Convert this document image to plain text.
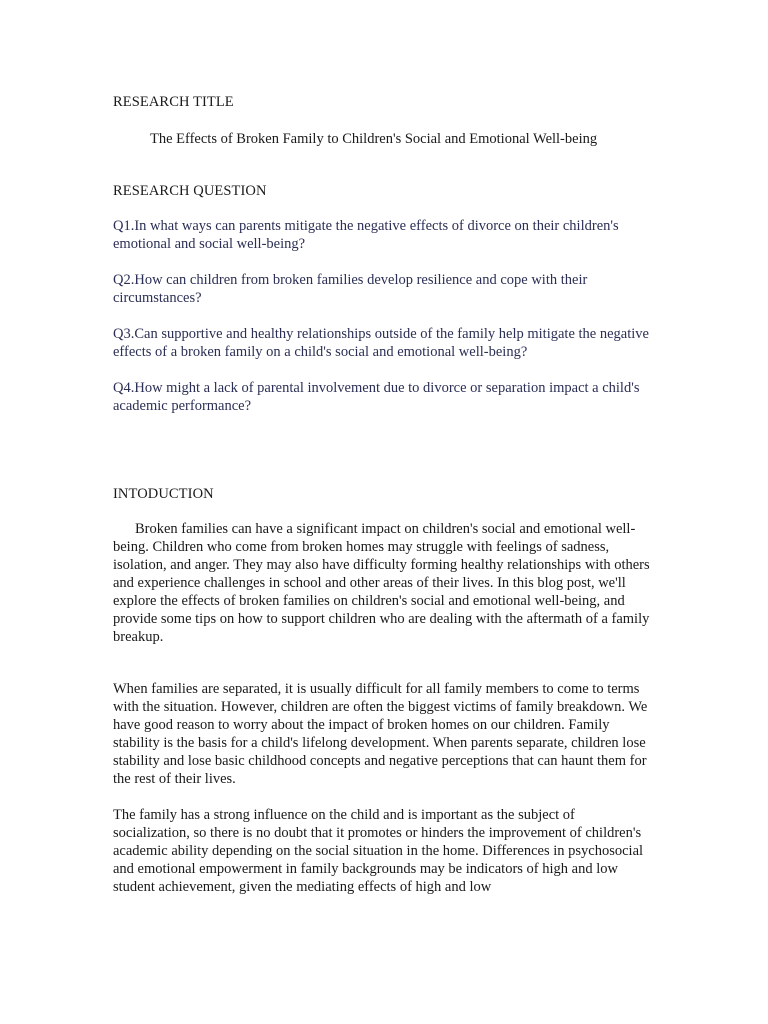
RESEARCH TITLE

The Effects of Broken Family to Children's Social and Emotional Well-being

RESEARCH QUESTION

Q1.In what ways can parents mitigate the negative effects of divorce on their children's emotional and social well-being?

Q2.How can children from broken families develop resilience and cope with their circumstances?

Q3.Can supportive and healthy relationships outside of the family help mitigate the negative effects of a broken family on a child's social and emotional well-being?

Q4.How might a lack of parental involvement due to divorce or separation impact a child's academic performance?

INTODUCTION

Broken families can have a significant impact on children's social and emotional well-being. Children who come from broken homes may struggle with feelings of sadness, isolation, and anger. They may also have difficulty forming healthy relationships with others and experience challenges in school and other areas of their lives. In this blog post, we'll explore the effects of broken families on children's social and emotional well-being, and provide some tips on how to support children who are dealing with the aftermath of a family breakup.

When families are separated, it is usually difficult for all family members to come to terms with the situation. However, children are often the biggest victims of family breakdown. We have good reason to worry about the impact of broken homes on our children. Family stability is the basis for a child's lifelong development. When parents separate, children lose stability and lose basic childhood concepts and negative perceptions that can haunt them for the rest of their lives.

The family has a strong influence on the child and is important as the subject of socialization, so there is no doubt that it promotes or hinders the improvement of children's academic ability depending on the social situation in the home. Differences in psychosocial and emotional empowerment in family backgrounds may be indicators of high and low student achievement, given the mediating effects of high and low
